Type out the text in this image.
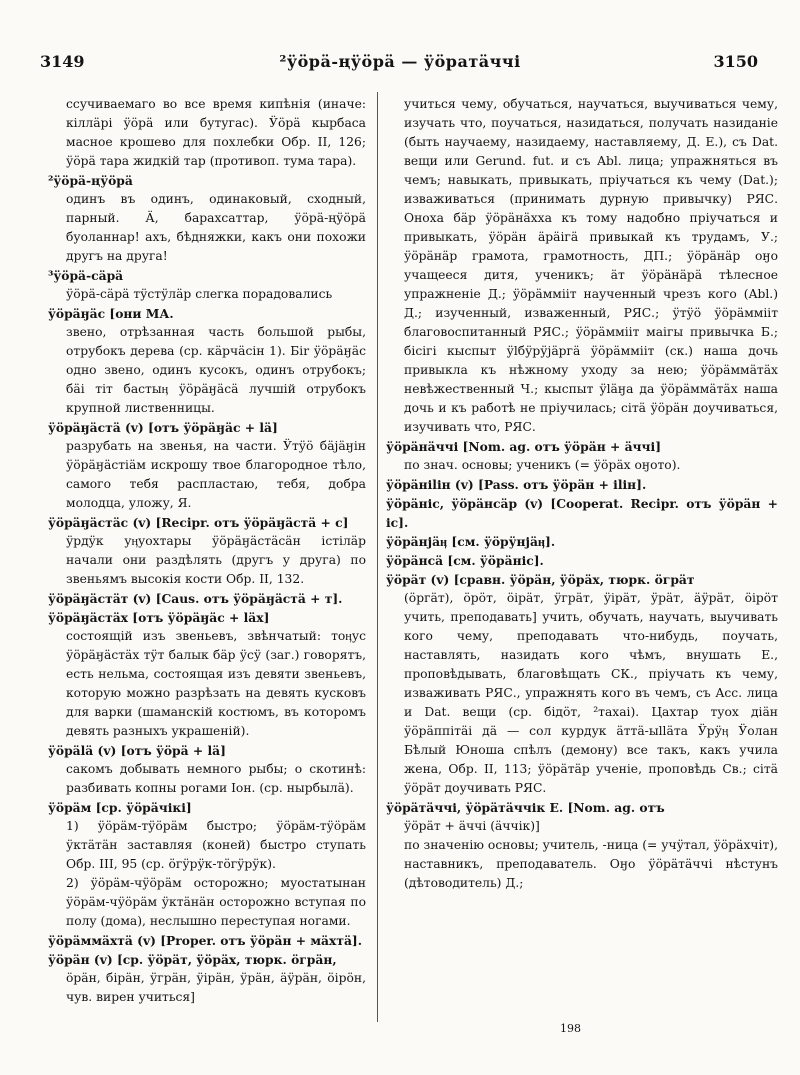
3149	²ӱӧрӓ-ңӱӧрӓ — ӱӧратӓччі	3150

ссучиваемаго во все время кипѣнія (иначе: кіллӓрі ӱӧрӓ или бутугас). Ӱӧрӓ кырбаса масное крошево для похлебки Обр. II, 126; ӱӧрӓ тара жидкій тар (противоп. тума тара).

²ӱӧрӓ-ңӱӧрӓ

одинъ въ одинъ, одинаковый, сходный, парный. Ӓ, барахсаттар, ӱӧрӓ-ңӱӧрӓ буоланнар! ахъ, бѣдняжки, какъ они похожи другъ на друга!

³ӱӧрӓ-сӓрӓ

ӱӧрӓ-сӓрӓ тӱстӱлӓр слегка порадовались

ӱӧрӓӈӓс [они МА.

звено, отрѣзанная часть большой рыбы, отрубокъ дерева (ср. кӓрчӓсін 1). Біr ӱӧрӓӈӓс одно звено, одинъ кусокъ, одинъ отрубокъ; бӓі тіт бастыӊ ӱӧрӓӈӓсӓ лучшій отрубокъ крупной лиственницы.

ӱӧрӓӈӓстӓ (v) [отъ ӱӧрӓӈӓс + lӓ]

разрубать на звенья, на части. Ӱтӱӧ бӓјӓӈін ӱӧрӓӈӓстіӓм искрошу твое благородное тѣло, самого тебя распластаю, тебя, добра молодца, уложу, Я.

ӱӧрӓӈӓстӓс (v) [Recipr. отъ ӱӧрӓӈӓстӓ + с]

ӱрдӱк уӊуохтары ӱӧрӓӈӓстӓсӓн істілӓр начали они раздѣлять (другъ у друга) по звеньямъ высокія кости Обр. II, 132.

ӱӧрӓӈӓстӓт (v) [Caus. отъ ӱӧрӓӈӓстӓ + т].

ӱӧрӓӈӓстӓх [отъ ӱӧрӓӈӓс + lӓх]

состоящій изъ звеньевъ, звѣнчатый: тоӊус ӱӧрӓӈӓстӓх тӱт балык бӓр ӱсӱ (заг.) говорятъ, есть нельма, состоящая изъ девяти звеньевъ, которую можно разрѣзать на девять кусковъ для варки (шаманскій костюмъ, въ которомъ девять разныхъ украшеній).

ӱӧрӓlӓ (v) [отъ ӱӧрӓ + lӓ]

сакомъ добывать немного рыбы; о скотинѣ: разбивать копны рогами Іон. (ср. нырбылӓ).

ӱӧрӓм [ср. ӱӧрӓчікі]

1) ӱӧрӓм-тӱӧрӓм быстро; ӱӧрӓм-тӱӧрӓм ӱктӓтӓн заставляя (коней) быстро ступать Обр. III, 95 (ср. ӧгӱрӱк-тӧгӱрӱк).

2) ӱӧрӓм-чӱӧрӓм осторожно; муостатынан ӱӧрӓм-чӱӧрӓм ӱктӓнӓн осторожно вступая по полу (дома), неслышно переступая ногами.

ӱӧрӓммӓхтӓ (v) [Proper. отъ ӱӧрӓн + мӓхтӓ].

ӱӧрӓн (v) [ср. ӱӧрӓт, ӱӧрӓх, тюрк. ӧгрӓн,

ӧрӓн, бірӓн, ӱгрӓн, ӱірӓн, ӱрӓн, ӓӱрӓн, ӧірӧн, чув. вирен учиться]

учиться чему, обучаться, научаться, выучиваться чему, изучать что, поучаться, назидаться, получать назиданіе (быть научаему, назидаему, наставляему, Д. Е.), съ Dat. вещи или Gerund. fut. и съ Abl. лица; упражняться въ чемъ; навыкать, привыкать, пріучаться къ чему (Dat.); изваживаться (принимать дурную привычку) РЯС. Оноха бӓр ӱӧрӓнӓхха къ тому надобно пріучаться и привыкать, ӱӧрӓн ӓрӓігӓ привыкай къ трудамъ, У.; ӱӧрӓнӓр грамота, грамотность, ДП.; ӱӧрӓнӓр оӈо учащееся дитя, ученикъ; ӓт ӱӧрӓнӓрӓ тѣлесное упражненіе Д.; ӱӧрӓммііт наученный чрезъ кого (Abl.) Д.; изученный, изваженный, РЯС.; ӱтӱӧ ӱӧрӓммііт благовоспитанный РЯС.; ӱӧрӓммііт маігы привычка Б.; бісігі кыспыт ӱlбӱрӱјӓргӓ ӱӧрӓммііт (ск.) наша дочь привыкла къ нѣжному уходу за нею; ӱӧрӓммӓтӓх невѣжественный Ч.; кыспыт ӱlӓӈа да ӱӧрӓммӓтӓх наша дочь и къ работѣ не пріучилась; сітӓ ӱӧрӓн доучиваться, изучивать что, РЯС.

ӱӧрӓнӓччі [Nom. ag. отъ ӱӧрӓн + ӓччі]

по знач. основы; ученикъ (= ӱӧрӓх оӈото).

ӱӧрӓніlін (v) [Pass. отъ ӱӧрӓн + іlін].

ӱӧрӓніс, ӱӧрӓнсӓр (v) [Cooperat. Recipr. отъ ӱӧрӓн + іс].

ӱӧрӓнјӓӊ [см. ӱӧрӱнјӓӊ].

ӱӧрӓнсӓ [см. ӱӧрӓніс].

ӱӧрӓт (v) [сравн. ӱӧрӓн, ӱӧрӓх, тюрк. ӧгрӓт

(ӧргӓт), ӧрӧт, ӧірӓт, ӱгрӓт, ӱірӓт, ӱрӓт, ӓӱрӓт, ӧірӧт учить, преподавать] учить, обучать, научать, выучивать кого чему, преподавать что-нибудь, поучать, наставлять, назидать кого чѣмъ, внушать Е., проповѣдывать, благовѣщать СК., пріучать къ чему, изваживать РЯС., упражнять кого въ чемъ, съ Acc. лица и Dat. вещи (ср. бідӧт, ²тахаі). Цахтар туох діӓн ӱӧрӓппітӓі дӓ — сол курдук ӓттӓ-ыllӓта Ӱрӱӊ Ӱолан Бѣлый Юноша спѣлъ (демону) все такъ, какъ учила жена, Обр. II, 113; ӱӧрӓтӓр ученіе, проповѣдь Св.; сітӓ ӱӧрӓт доучивать РЯС.

ӱӧрӓтӓччі, ӱӧрӓтӓччік Е. [Nom. ag. отъ

ӱӧрӓт + ӓччі (ӓччік)]

по значенію основы; учитель, -ница (= учӱтал, ӱӧрӓхчіт), наставникъ, преподаватель. Оӈо ӱӧрӓтӓччі нѣстунъ (дѣтоводитель) Д.;

198
